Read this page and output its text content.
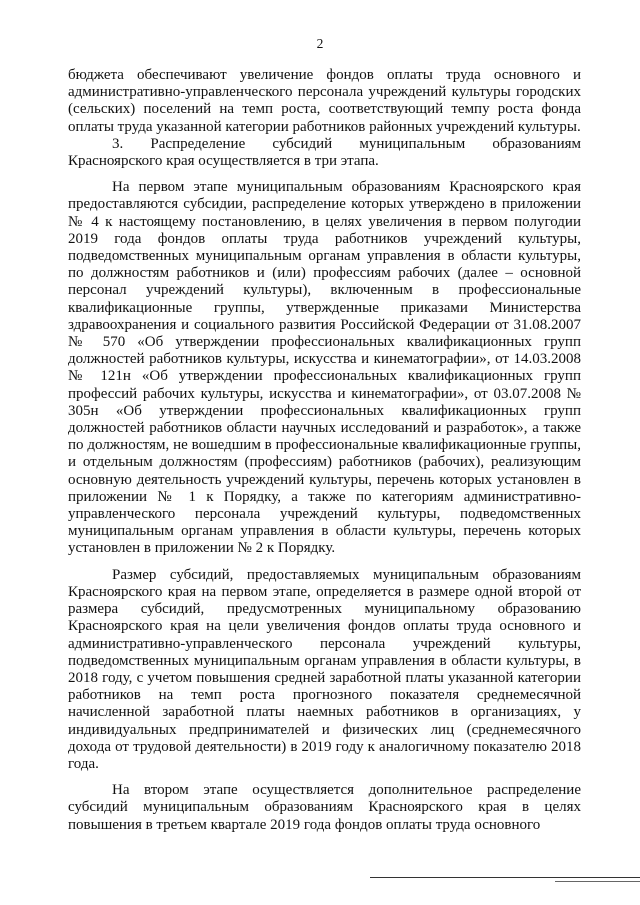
2

бюджета обеспечивают увеличение фондов оплаты труда основного и административно-управленческого персонала учреждений культуры городских (сельских) поселений на темп роста, соответствующий темпу роста фонда оплаты труда указанной категории работников районных учреждений культуры.

3. Распределение субсидий муниципальным образованиям Красноярского края осуществляется в три этапа.

На первом этапе муниципальным образованиям Красноярского края предоставляются субсидии, распределение которых утверждено в приложении № 4 к настоящему постановлению, в целях увеличения в первом полугодии 2019 года фондов оплаты труда работников учреждений культуры, подведомственных муниципальным органам управления в области культуры, по должностям работников и (или) профессиям рабочих (далее – основной персонал учреждений культуры), включенным в профессиональные квалификационные группы, утвержденные приказами Министерства здравоохранения и социального развития Российской Федерации от 31.08.2007 № 570 «Об утверждении профессиональных квалификационных групп должностей работников культуры, искусства и кинематографии», от 14.03.2008 № 121н «Об утверждении профессиональных квалификационных групп профессий рабочих культуры, искусства и кинематографии», от 03.07.2008 № 305н «Об утверждении профессиональных квалификационных групп должностей работников области научных исследований и разработок», а также по должностям, не вошедшим в профессиональные квалификационные группы, и отдельным должностям (профессиям) работников (рабочих), реализующим основную деятельность учреждений культуры, перечень которых установлен в приложении № 1 к Порядку, а также по категориям административно-управленческого персонала учреждений культуры, подведомственных муниципальным органам управления в области культуры, перечень которых установлен в приложении № 2 к Порядку.

Размер субсидий, предоставляемых муниципальным образованиям Красноярского края на первом этапе, определяется в размере одной второй от размера субсидий, предусмотренных муниципальному образованию Красноярского края на цели увеличения фондов оплаты труда основного и административно-управленческого персонала учреждений культуры, подведомственных муниципальным органам управления в области культуры, в 2018 году, с учетом повышения средней заработной платы указанной категории работников на темп роста прогнозного показателя среднемесячной начисленной заработной платы наемных работников в организациях, у индивидуальных предпринимателей и физических лиц (среднемесячного дохода от трудовой деятельности) в 2019 году к аналогичному показателю 2018 года.

На втором этапе осуществляется дополнительное распределение субсидий муниципальным образованиям Красноярского края в целях повышения в третьем квартале 2019 года фондов оплаты труда основного
